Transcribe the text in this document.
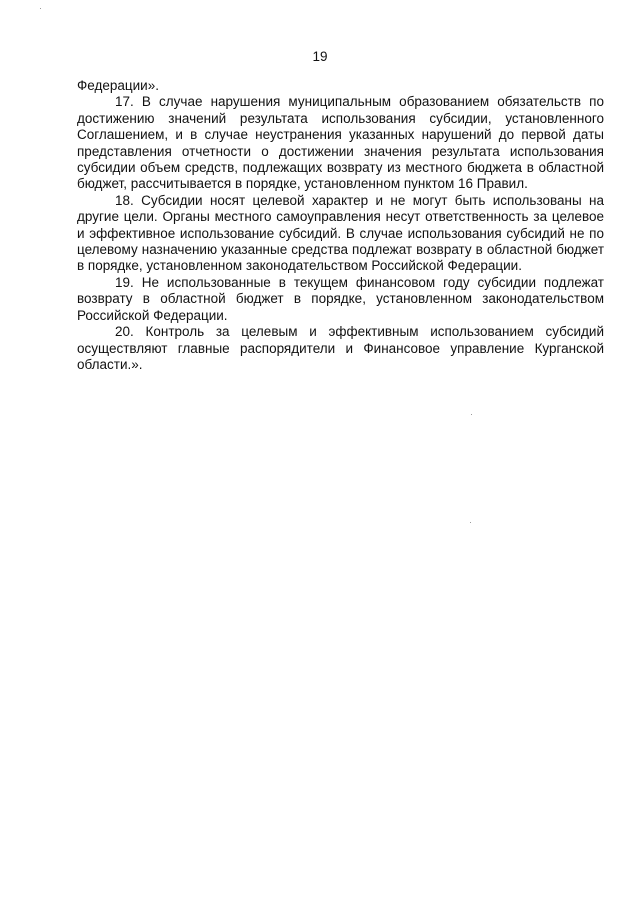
19

Федерации».

17. В случае нарушения муниципальным образованием обязательств по достижению значений результата использования субсидии, установленного Соглашением, и в случае неустранения указанных нарушений до первой даты представления отчетности о достижении значения результата использования субсидии объем средств, подлежащих возврату из местного бюджета в областной бюджет, рассчитывается в порядке, установленном пунктом 16 Правил.

18. Субсидии носят целевой характер и не могут быть использованы на другие цели. Органы местного самоуправления несут ответственность за целевое и эффективное использование субсидий. В случае использования субсидий не по целевому назначению указанные средства подлежат возврату в областной бюджет в порядке, установленном законодательством Российской Федерации.

19. Не использованные в текущем финансовом году субсидии подлежат возврату в областной бюджет в порядке, установленном законодательством Российской Федерации.

20. Контроль за целевым и эффективным использованием субсидий осуществляют главные распорядители и Финансовое управление Курганской области.».
